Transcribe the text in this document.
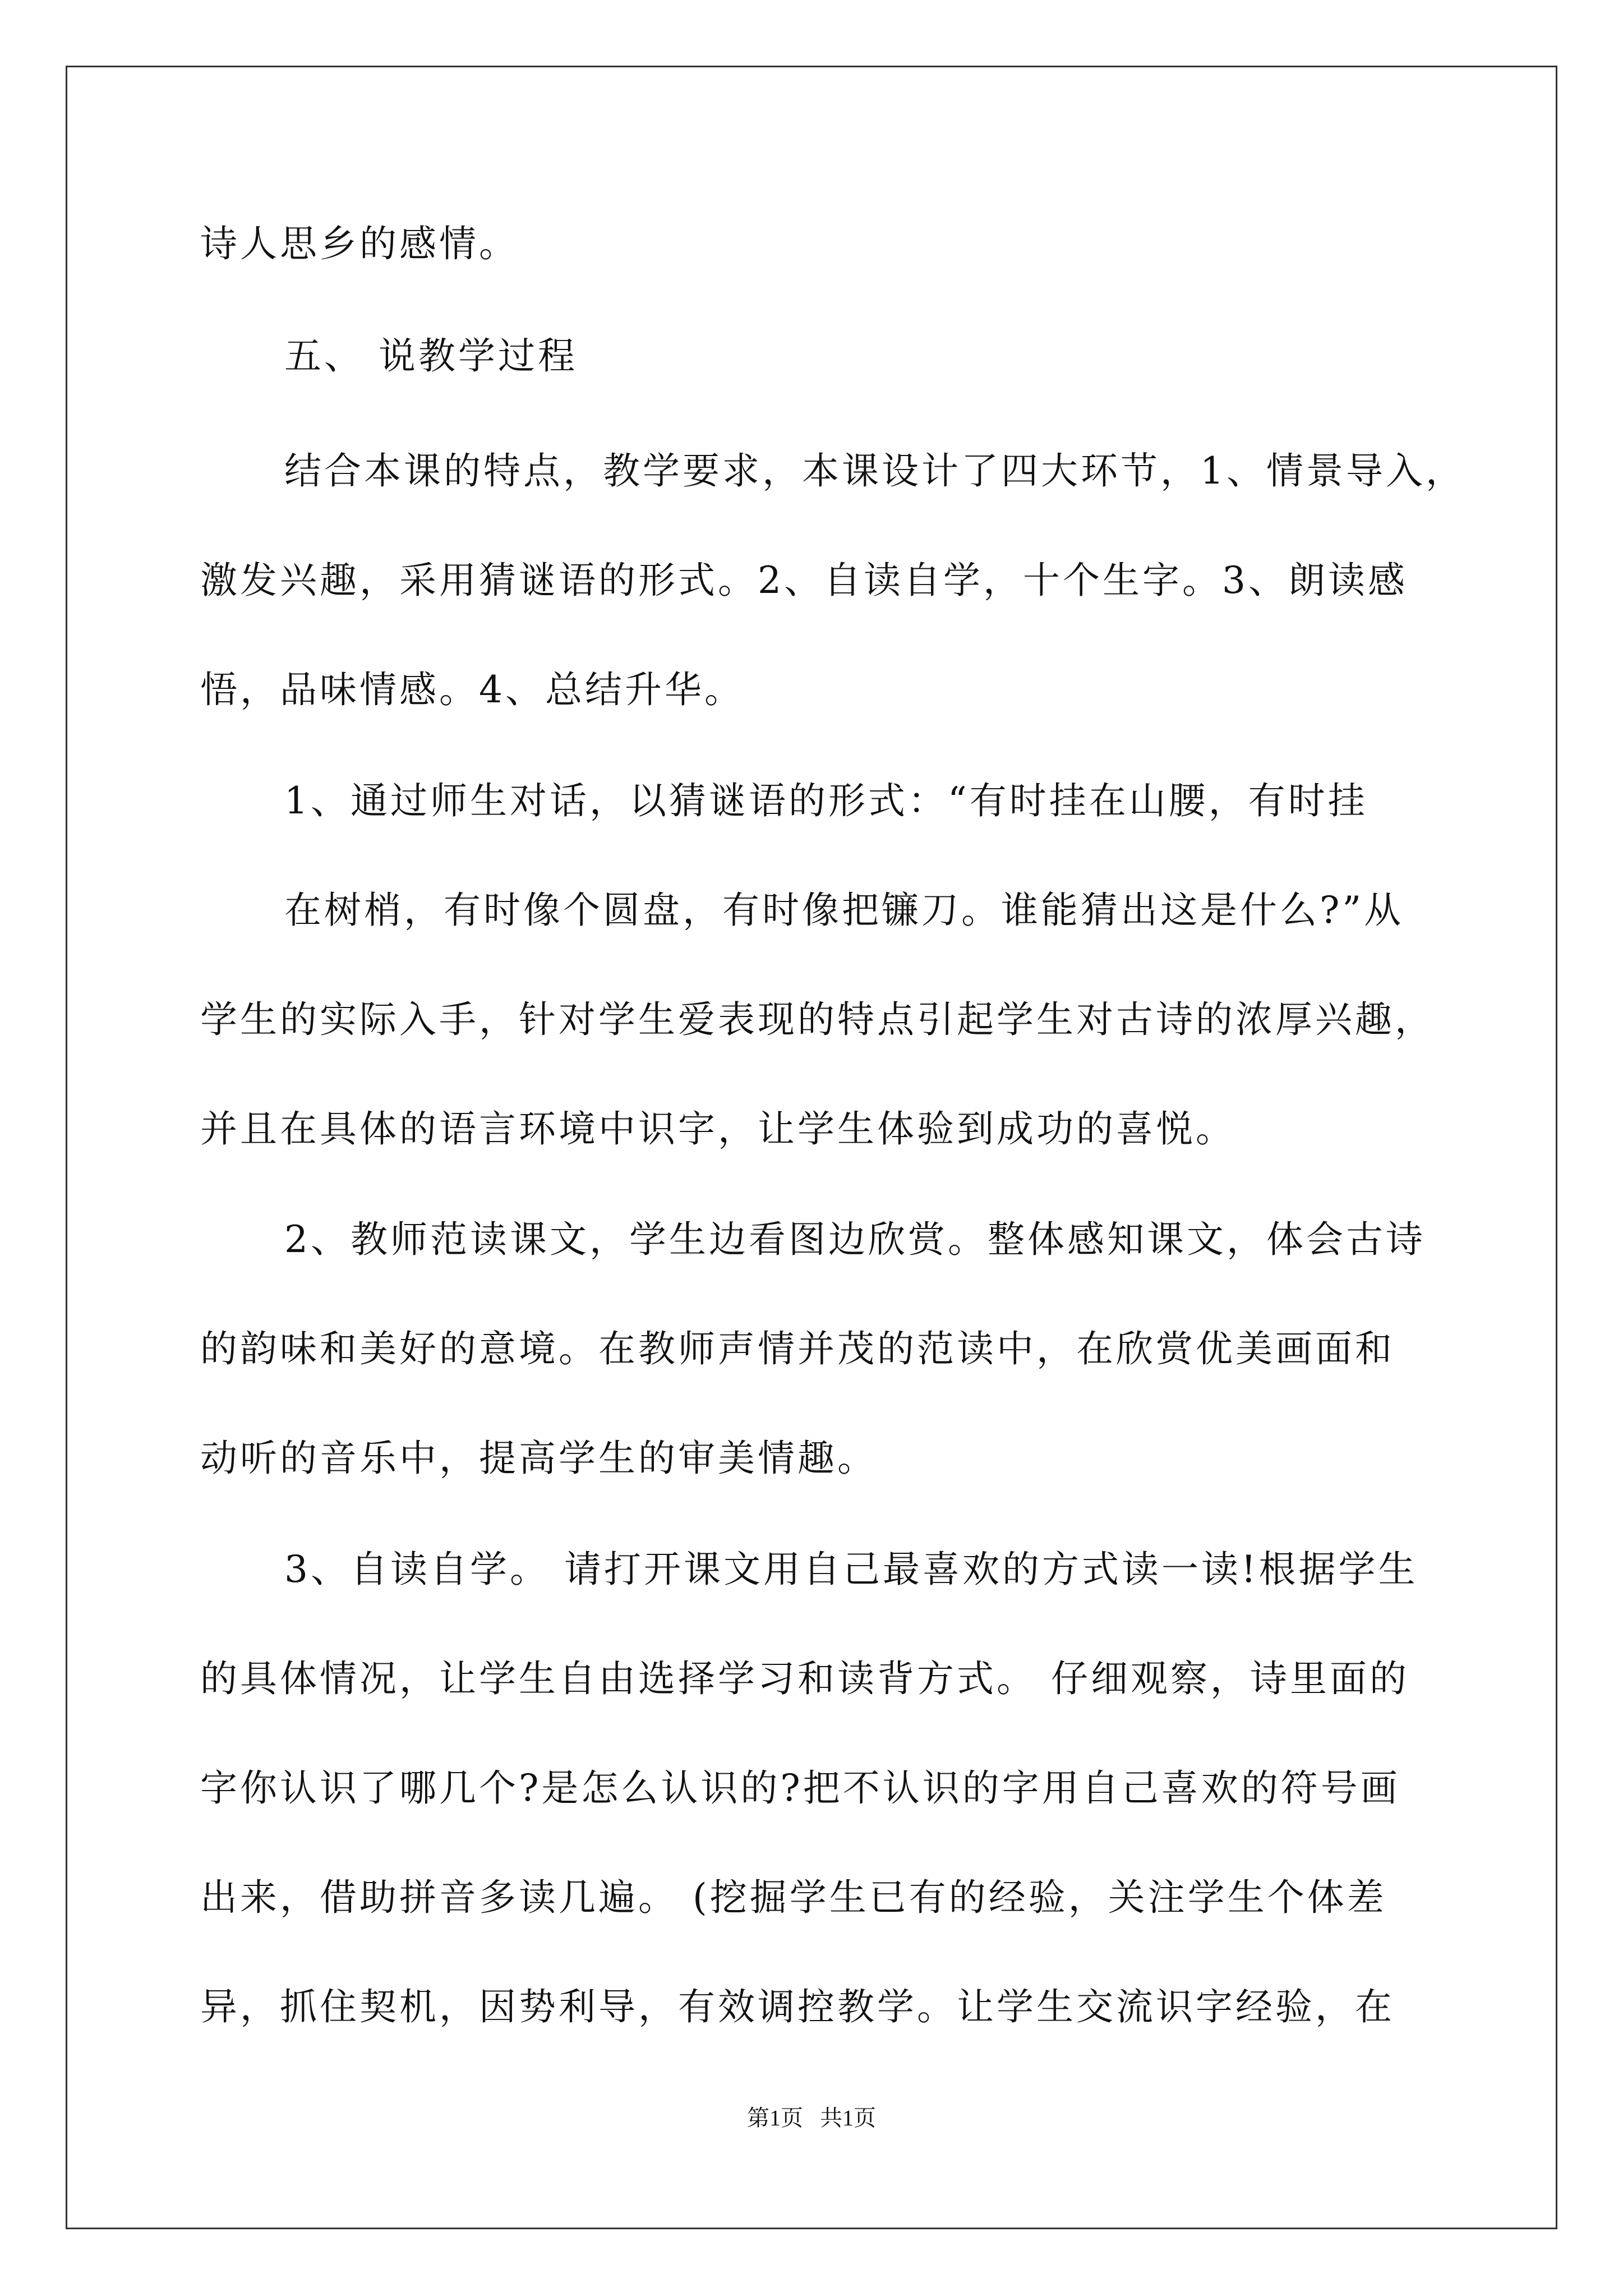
诗人思乡的感情。
五、 说教学过程
结合本课的特点，教学要求，本课设计了四大环节，1、情景导入，
激发兴趣，采用猜谜语的形式。2、自读自学，十个生字。3、朗读感
悟，品味情感。4、总结升华。
1、通过师生对话，以猜谜语的形式：“有时挂在山腰，有时挂
在树梢，有时像个圆盘，有时像把镰刀。谁能猜出这是什么?”从
学生的实际入手，针对学生爱表现的特点引起学生对古诗的浓厚兴趣，
并且在具体的语言环境中识字，让学生体验到成功的喜悦。
2、教师范读课文，学生边看图边欣赏。整体感知课文，体会古诗
的韵味和美好的意境。在教师声情并茂的范读中，在欣赏优美画面和
动听的音乐中，提高学生的审美情趣。
3、自读自学。 请打开课文用自己最喜欢的方式读一读!根据学生
的具体情况，让学生自由选择学习和读背方式。 仔细观察，诗里面的
字你认识了哪几个?是怎么认识的?把不认识的字用自己喜欢的符号画
出来，借助拼音多读几遍。 (挖掘学生已有的经验，关注学生个体差
异，抓住契机，因势利导，有效调控教学。让学生交流识字经验，在
第1页 共1页
